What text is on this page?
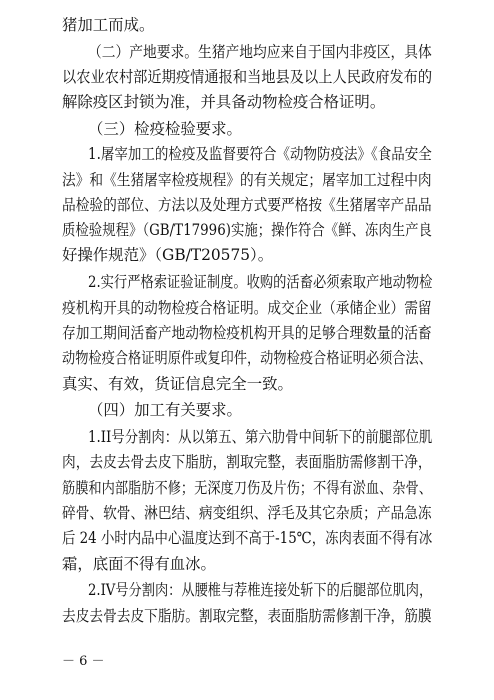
猪加工而成。
（二）产地要求。生猪产地均应来自于国内非疫区，具体
以农业农村部近期疫情通报和当地县及以上人民政府发布的
解除疫区封锁为准，并具备动物检疫合格证明。
（三）检疫检验要求。
1.屠宰加工的检疫及监督要符合《动物防疫法》《食品安全
法》和《生猪屠宰检疫规程》的有关规定；屠宰加工过程中肉
品检验的部位、方法以及处理方式要严格按《生猪屠宰产品品
质检验规程》（GB/T17996)实施；操作符合《鲜、冻肉生产良
好操作规范》（GB/T20575）。
2.实行严格索证验证制度。收购的活畜必须索取产地动物检
疫机构开具的动物检疫合格证明。成交企业（承储企业）需留
存加工期间活畜产地动物检疫机构开具的足够合理数量的活畜
动物检疫合格证明原件或复印件，动物检疫合格证明必须合法、
真实、有效，货证信息完全一致。
（四）加工有关要求。
1.II号分割肉：从以第五、第六肋骨中间斩下的前腿部位肌
肉，去皮去骨去皮下脂肪，割取完整，表面脂肪需修割干净，
筋膜和内部脂肪不修；无深度刀伤及片伤；不得有淤血、杂骨、
碎骨、软骨、淋巴结、病变组织、浮毛及其它杂质；产品急冻
后 24 小时内品中心温度达到不高于-15℃，冻肉表面不得有冰
霜，底面不得有血冰。
2.IV号分割肉：从腰椎与荐椎连接处斩下的后腿部位肌肉，
去皮去骨去皮下脂肪。割取完整，表面脂肪需修割干净，筋膜
－ 6 －
